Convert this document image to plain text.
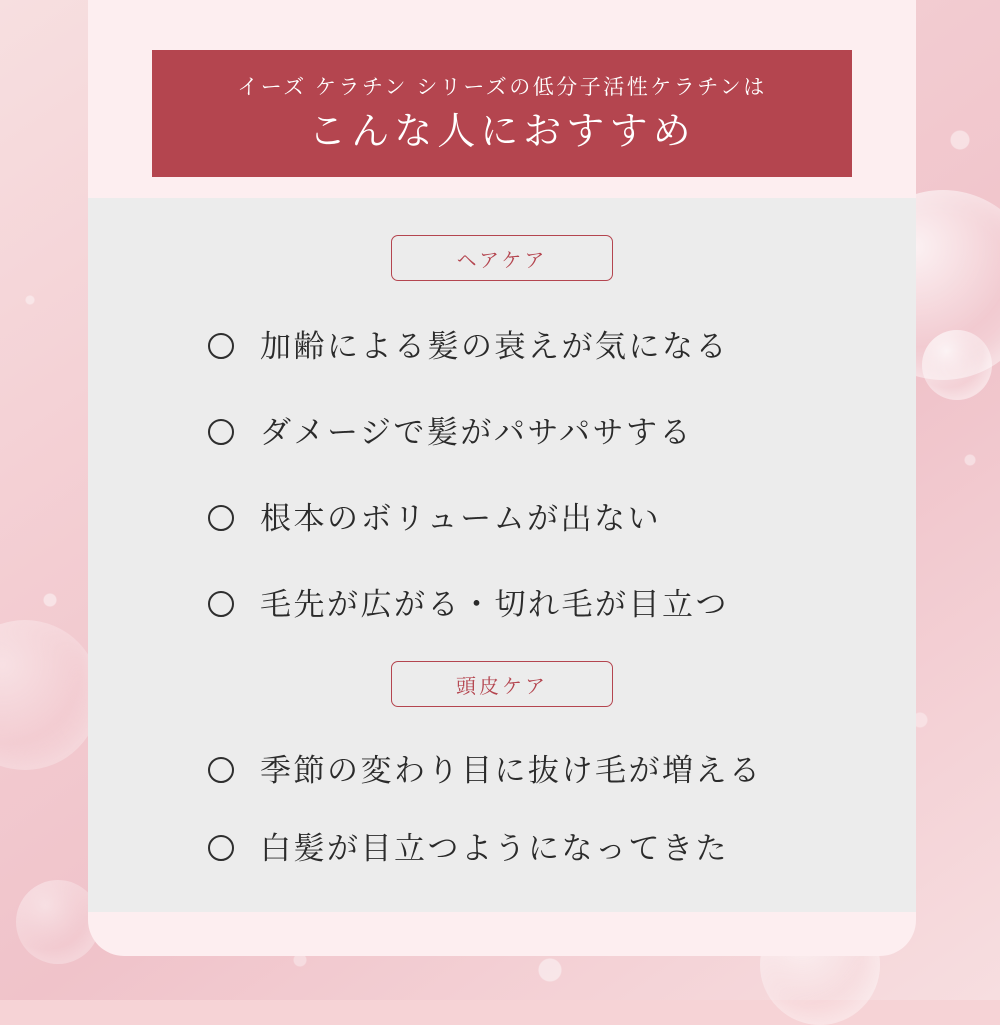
イーズ ケラチン シリーズの低分子活性ケラチンは
こんな人におすすめ
ヘアケア
加齢による髪の衰えが気になる
ダメージで髪がパサパサする
根本のボリュームが出ない
毛先が広がる・切れ毛が目立つ
頭皮ケア
季節の変わり目に抜け毛が増える
白髪が目立つようになってきた
